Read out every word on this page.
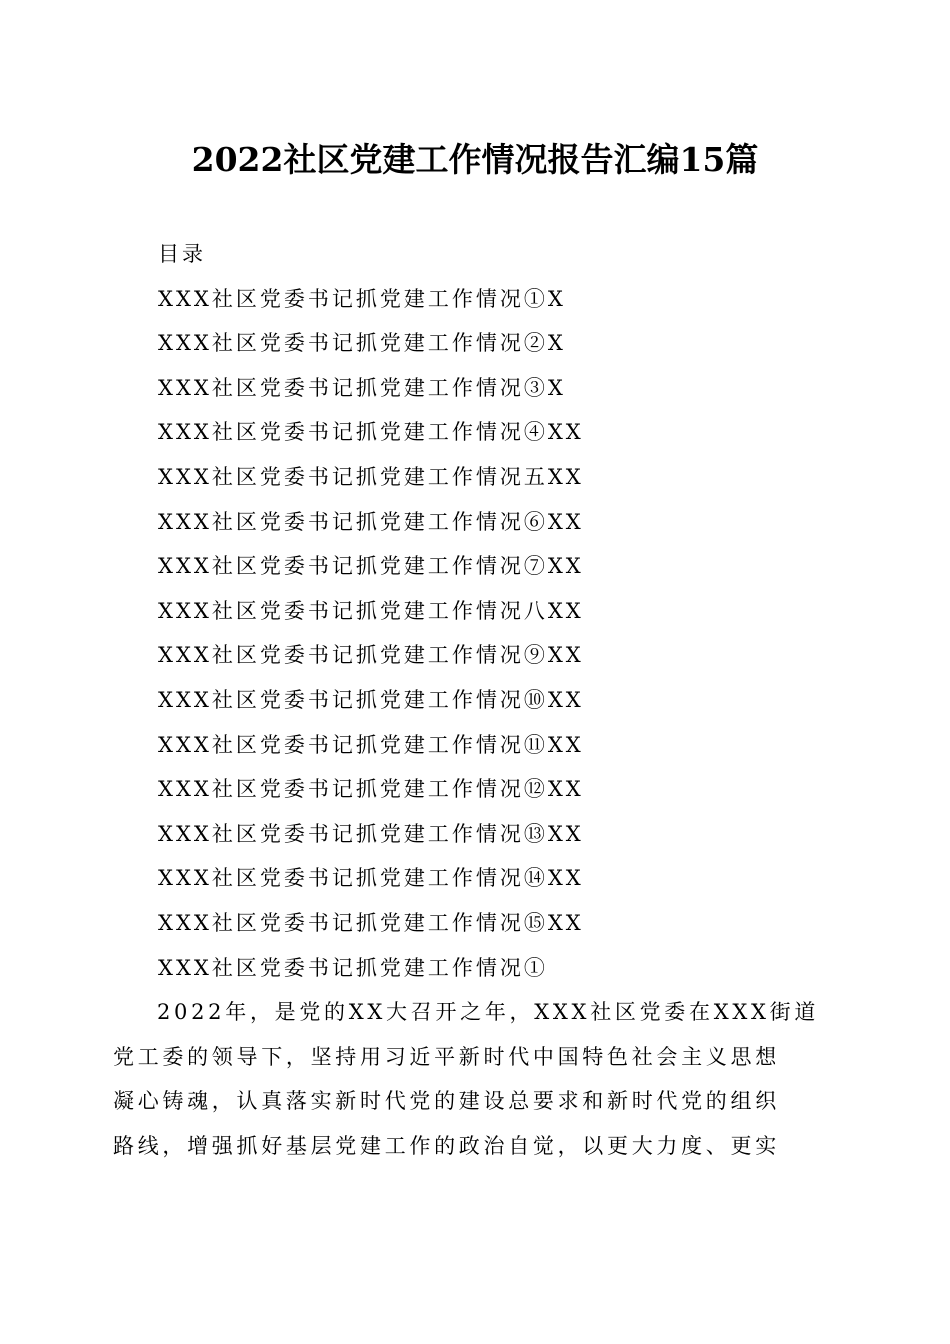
2022社区党建工作情况报告汇编15篇
目录
XXX社区党委书记抓党建工作情况①X
XXX社区党委书记抓党建工作情况②X
XXX社区党委书记抓党建工作情况③X
XXX社区党委书记抓党建工作情况④XX
XXX社区党委书记抓党建工作情况五XX
XXX社区党委书记抓党建工作情况⑥XX
XXX社区党委书记抓党建工作情况⑦XX
XXX社区党委书记抓党建工作情况八XX
XXX社区党委书记抓党建工作情况⑨XX
XXX社区党委书记抓党建工作情况⑩XX
XXX社区党委书记抓党建工作情况⑪XX
XXX社区党委书记抓党建工作情况⑫XX
XXX社区党委书记抓党建工作情况⑬XX
XXX社区党委书记抓党建工作情况⑭XX
XXX社区党委书记抓党建工作情况⑮XX
XXX社区党委书记抓党建工作情况①
2022年，是党的XX大召开之年，XXX社区党委在XXX街道
党工委的领导下，坚持用习近平新时代中国特色社会主义思想
凝心铸魂，认真落实新时代党的建设总要求和新时代党的组织
路线，增强抓好基层党建工作的政治自觉，以更大力度、更实
